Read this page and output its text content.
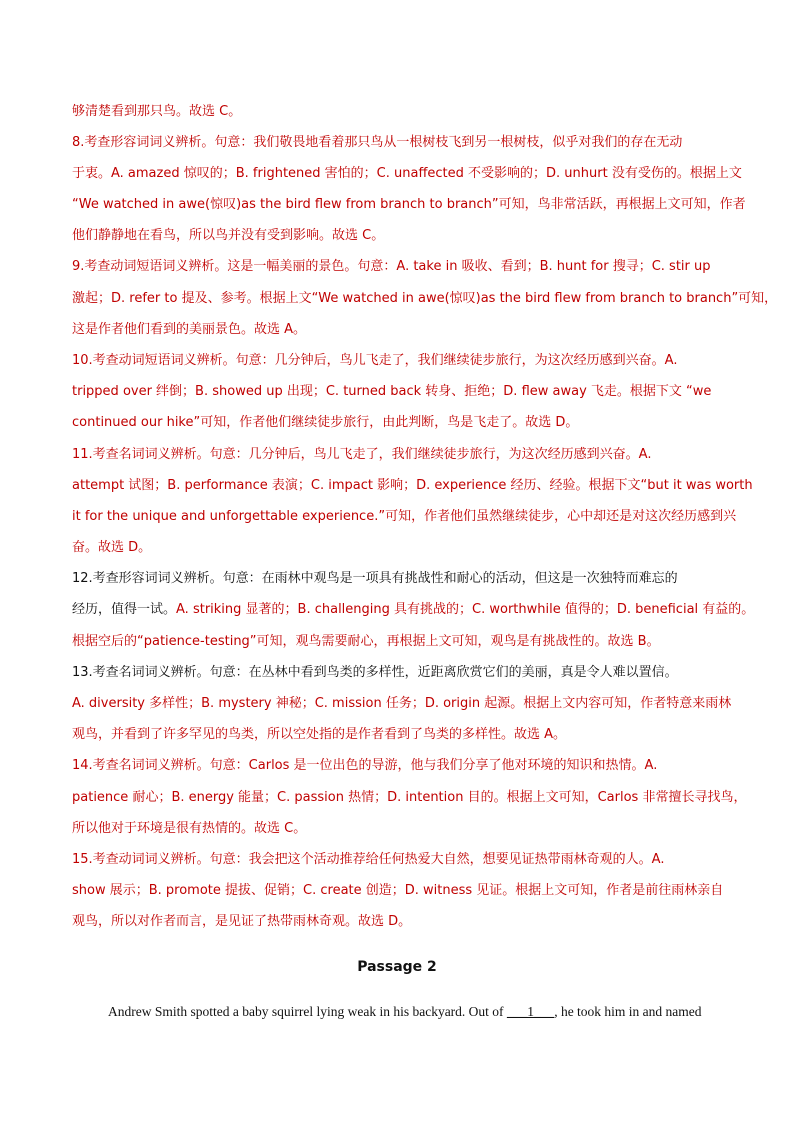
够清楚看到那只鸟。故选 C。
8.考查形容词词义辨析。句意：我们敬畏地看着那只鸟从一根树枝飞到另一根树枝，似乎对我们的存在无动
于衷。A. amazed 惊叹的；B. frightened 害怕的；C. unaffected 不受影响的；D. unhurt 没有受伤的。根据上文
“We watched in awe(惊叹)as the bird flew from branch to branch”可知，鸟非常活跃，再根据上文可知，作者
他们静静地在看鸟，所以鸟并没有受到影响。故选 C。
9.考查动词短语词义辨析。这是一幅美丽的景色。句意：A. take in 吸收、看到；B. hunt for 搜寻；C. stir up
激起；D. refer to 提及、参考。根据上文“We watched in awe(惊叹)as the bird flew from branch to branch”可知，
这是作者他们看到的美丽景色。故选 A。
10.考查动词短语词义辨析。句意：几分钟后，鸟儿飞走了，我们继续徒步旅行，为这次经历感到兴奋。A.
tripped over 绊倒；B. showed up 出现；C. turned back 转身、拒绝；D. flew away 飞走。根据下文 “we
continued our hike”可知，作者他们继续徒步旅行，由此判断，鸟是飞走了。故选 D。
11.考查名词词义辨析。句意：几分钟后，鸟儿飞走了，我们继续徒步旅行，为这次经历感到兴奋。A.
attempt 试图；B. performance 表演；C. impact 影响；D. experience 经历、经验。根据下文“but it was worth
it for the unique and unforgettable experience.”可知，作者他们虽然继续徒步，心中却还是对这次经历感到兴
奋。故选 D。
12.考查形容词词义辨析。句意：在雨林中观鸟是一项具有挑战性和耐心的活动，但这是一次独特而难忘的
经历，值得一试。A. striking 显著的；B. challenging 具有挑战的；C. worthwhile 值得的；D. beneficial 有益的。
根据空后的“patience-testing”可知，观鸟需要耐心，再根据上文可知，观鸟是有挑战性的。故选 B。
13.考查名词词义辨析。句意：在丛林中看到鸟类的多样性，近距离欣赏它们的美丽，真是令人难以置信。
A. diversity 多样性；B. mystery 神秘；C. mission 任务；D. origin 起源。根据上文内容可知，作者特意来雨林
观鸟，并看到了许多罕见的鸟类，所以空处指的是作者看到了鸟类的多样性。故选 A。
14.考查名词词义辨析。句意：Carlos 是一位出色的导游，他与我们分享了他对环境的知识和热情。A.
patience 耐心；B. energy 能量；C. passion 热情；D. intention 目的。根据上文可知，Carlos 非常擅长寻找鸟，
所以他对于环境是很有热情的。故选 C。
15.考查动词词义辨析。句意：我会把这个活动推荐给任何热爱大自然，想要见证热带雨林奇观的人。A.
show 展示；B. promote 提拔、促销；C. create 创造；D. witness 见证。根据上文可知，作者是前往雨林亲自
观鸟，所以对作者而言，是见证了热带雨林奇观。故选 D。
Passage 2
Andrew Smith spotted a baby squirrel lying weak in his backyard. Out of ___1___, he took him in and named
